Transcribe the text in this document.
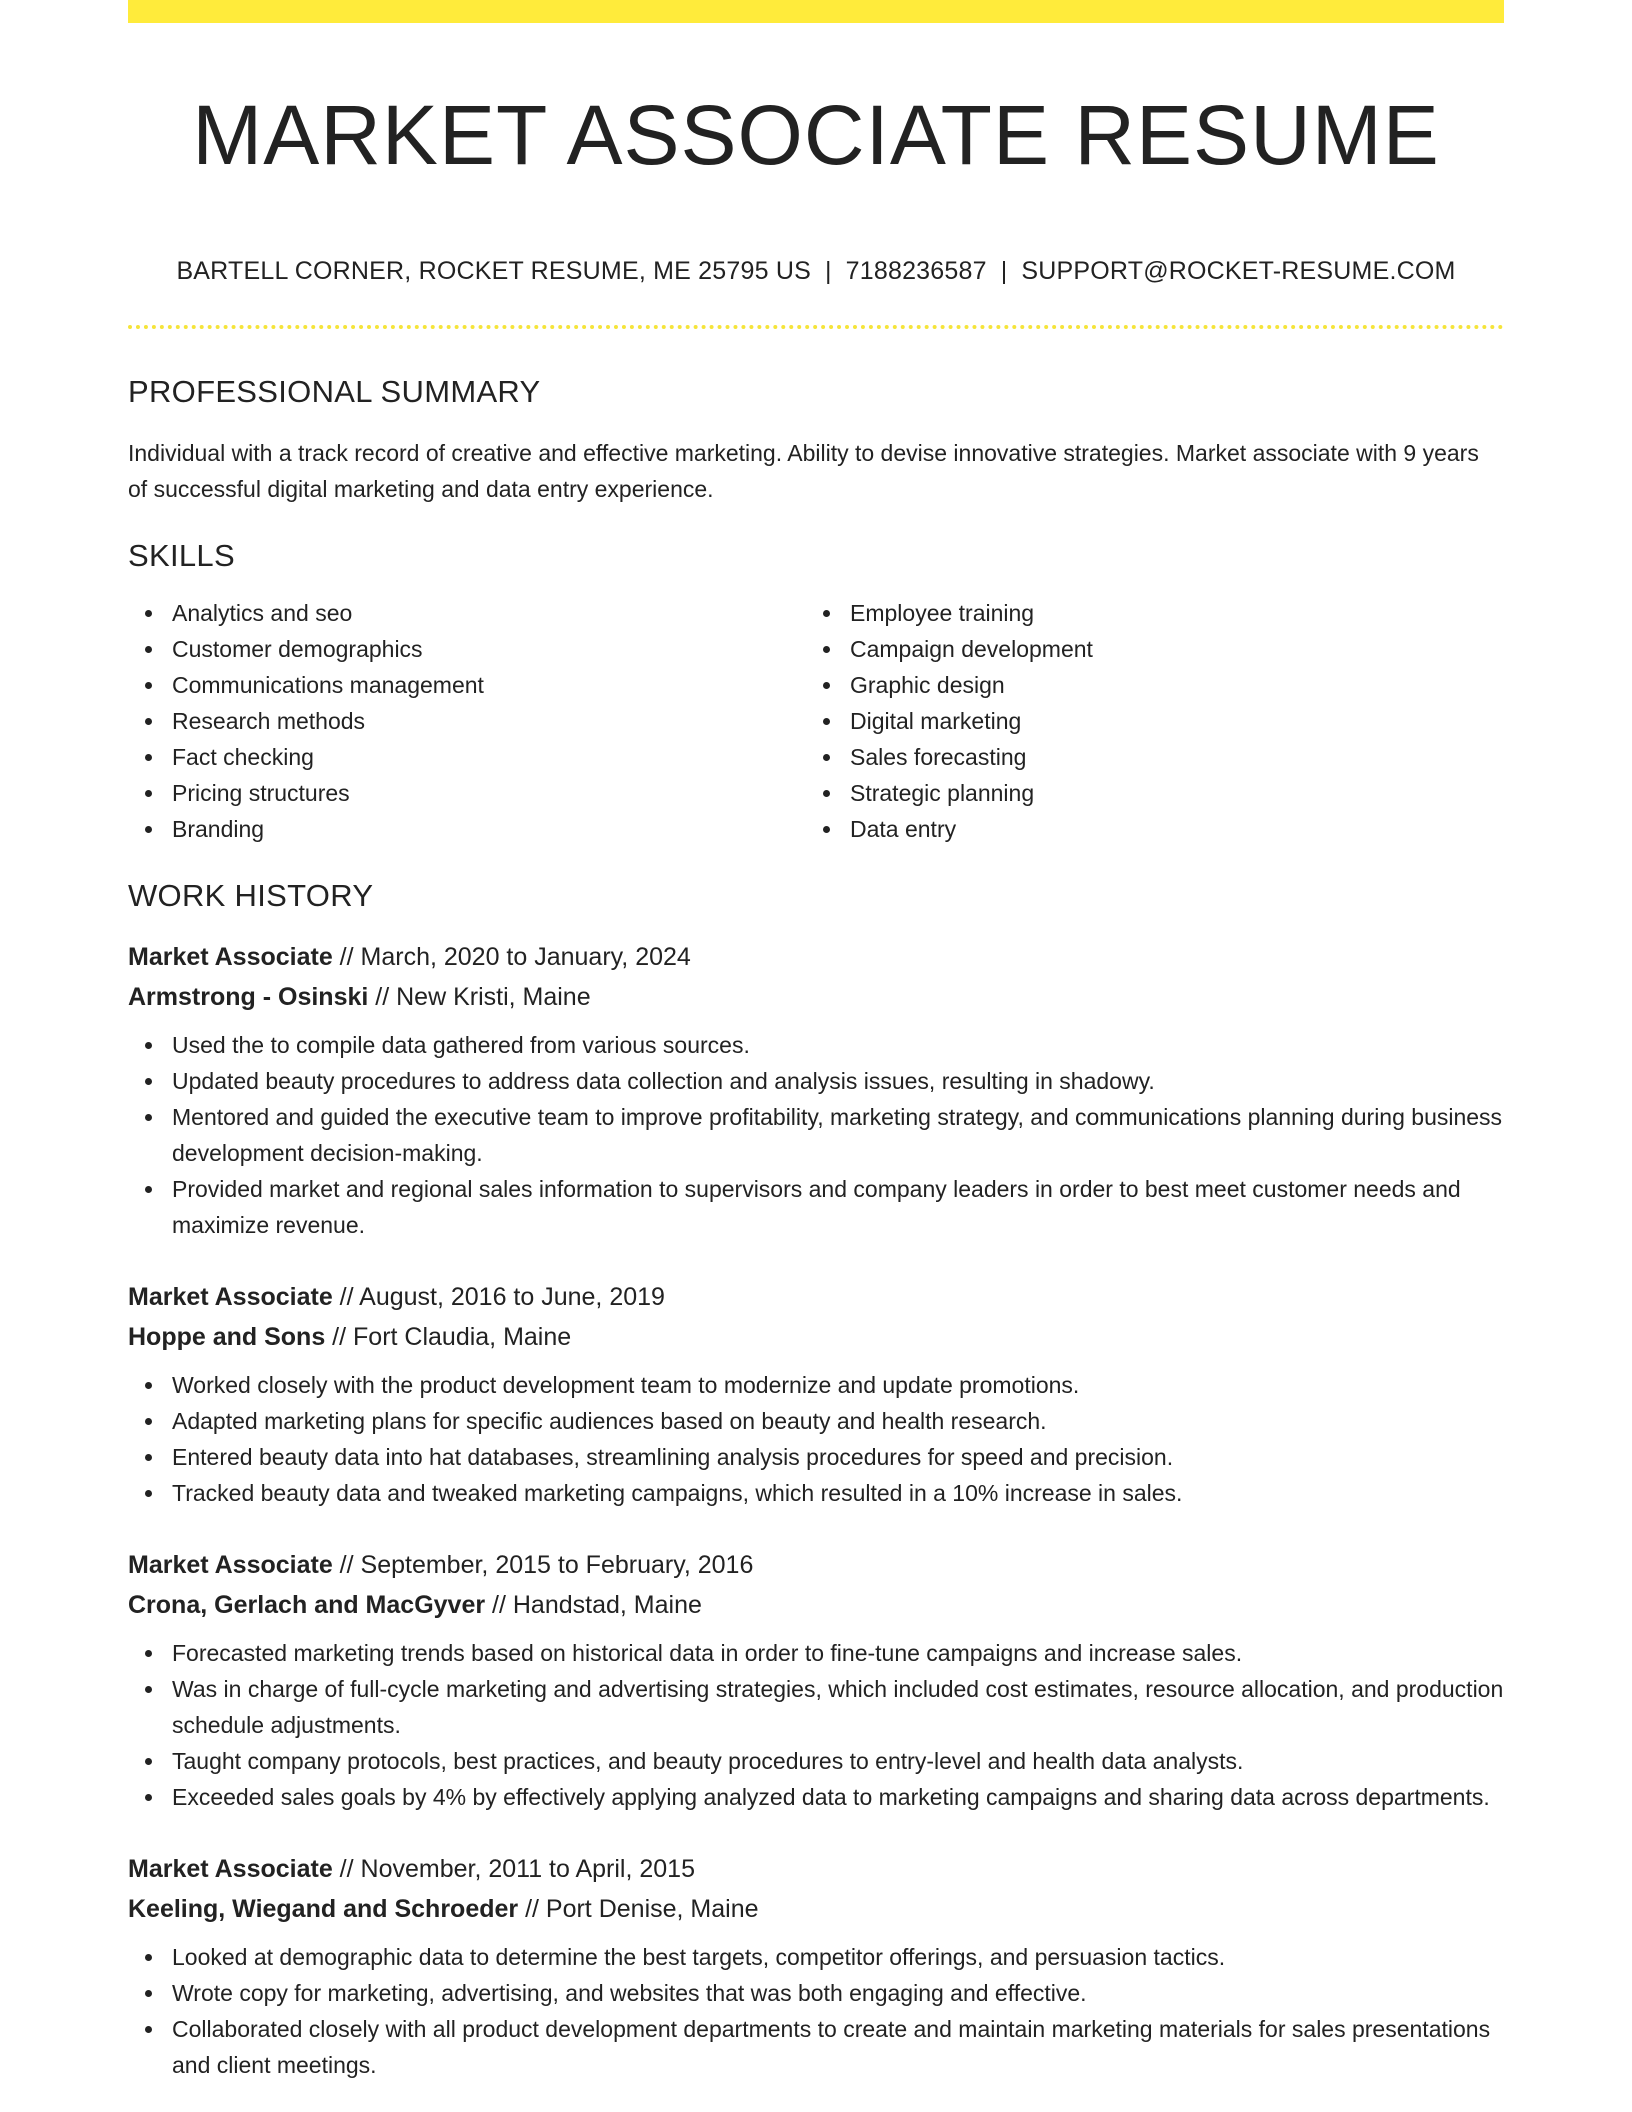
MARKET ASSOCIATE RESUME
BARTELL CORNER, ROCKET RESUME, ME 25795 US | 7188236587 | SUPPORT@ROCKET-RESUME.COM
PROFESSIONAL SUMMARY

Individual with a track record of creative and effective marketing. Ability to devise innovative strategies. Market associate with 9 years of successful digital marketing and data entry experience.

SKILLS
Analytics and seo
Customer demographics
Communications management
Research methods
Fact checking
Pricing structures
Branding
Employee training
Campaign development
Graphic design
Digital marketing
Sales forecasting
Strategic planning
Data entry
WORK HISTORY
Market Associate // March, 2020 to January, 2024
Armstrong - Osinski // New Kristi, Maine
Used the to compile data gathered from various sources.
Updated beauty procedures to address data collection and analysis issues, resulting in shadowy.
Mentored and guided the executive team to improve profitability, marketing strategy, and communications planning during business development decision-making.
Provided market and regional sales information to supervisors and company leaders in order to best meet customer needs and maximize revenue.
Market Associate // August, 2016 to June, 2019
Hoppe and Sons // Fort Claudia, Maine
Worked closely with the product development team to modernize and update promotions.
Adapted marketing plans for specific audiences based on beauty and health research.
Entered beauty data into hat databases, streamlining analysis procedures for speed and precision.
Tracked beauty data and tweaked marketing campaigns, which resulted in a 10% increase in sales.
Market Associate // September, 2015 to February, 2016
Crona, Gerlach and MacGyver // Handstad, Maine
Forecasted marketing trends based on historical data in order to fine-tune campaigns and increase sales.
Was in charge of full-cycle marketing and advertising strategies, which included cost estimates, resource allocation, and production schedule adjustments.
Taught company protocols, best practices, and beauty procedures to entry-level and health data analysts.
Exceeded sales goals by 4% by effectively applying analyzed data to marketing campaigns and sharing data across departments.
Market Associate // November, 2011 to April, 2015
Keeling, Wiegand and Schroeder // Port Denise, Maine
Looked at demographic data to determine the best targets, competitor offerings, and persuasion tactics.
Wrote copy for marketing, advertising, and websites that was both engaging and effective.
Collaborated closely with all product development departments to create and maintain marketing materials for sales presentations and client meetings.
